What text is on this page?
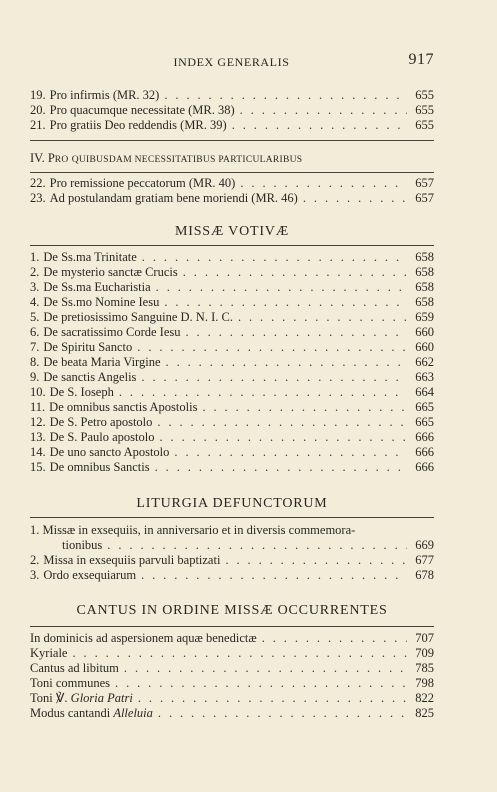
INDEX GENERALIS	917
19. Pro infirmis (MR. 32) . . .	655
20. Pro quacumque necessitate (MR. 38) . . .	655
21. Pro gratiis Deo reddendis (MR. 39) . . .	655
IV. PRO QUIBUSDAM NECESSITATIBUS PARTICULARIBUS
22. Pro remissione peccatorum (MR. 40) . . .	657
23. Ad postulandam gratiam bene moriendi (MR. 46) . . .	657
MISSÆ VOTIVÆ
1. De Ss.ma Trinitate . . .	658
2. De mysterio sanctæ Crucis . . .	658
3. De Ss.ma Eucharistia . . .	658
4. De Ss.mo Nomine Iesu . . .	658
5. De pretiosissimo Sanguine D. N. I. C. . . .	659
6. De sacratissimo Corde Iesu . . .	660
7. De Spiritu Sancto . . .	660
8. De beata Maria Virgine . . .	662
9. De sanctis Angelis . . .	663
10. De S. Ioseph . . .	664
11. De omnibus sanctis Apostolis . . .	665
12. De S. Petro apostolo . . .	665
13. De S. Paulo apostolo . . .	666
14. De uno sancto Apostolo . . .	666
15. De omnibus Sanctis . . .	666
LITURGIA DEFUNCTORUM
1. Missæ in exsequiis, in anniversario et in diversis commemora-
tionibus . . .	669
2. Missa in exsequiis parvuli baptizati . . .	677
3. Ordo exsequiarum . . .	678
CANTUS IN ORDINE MISSÆ OCCURRENTES
In dominicis ad aspersionem aquæ benedictæ . . .	707
Kyriale . . .	709
Cantus ad libitum . . .	785
Toni communes . . .	798
Toni ℣. Gloria Patri . . .	822
Modus cantandi Alleluia . . .	825
